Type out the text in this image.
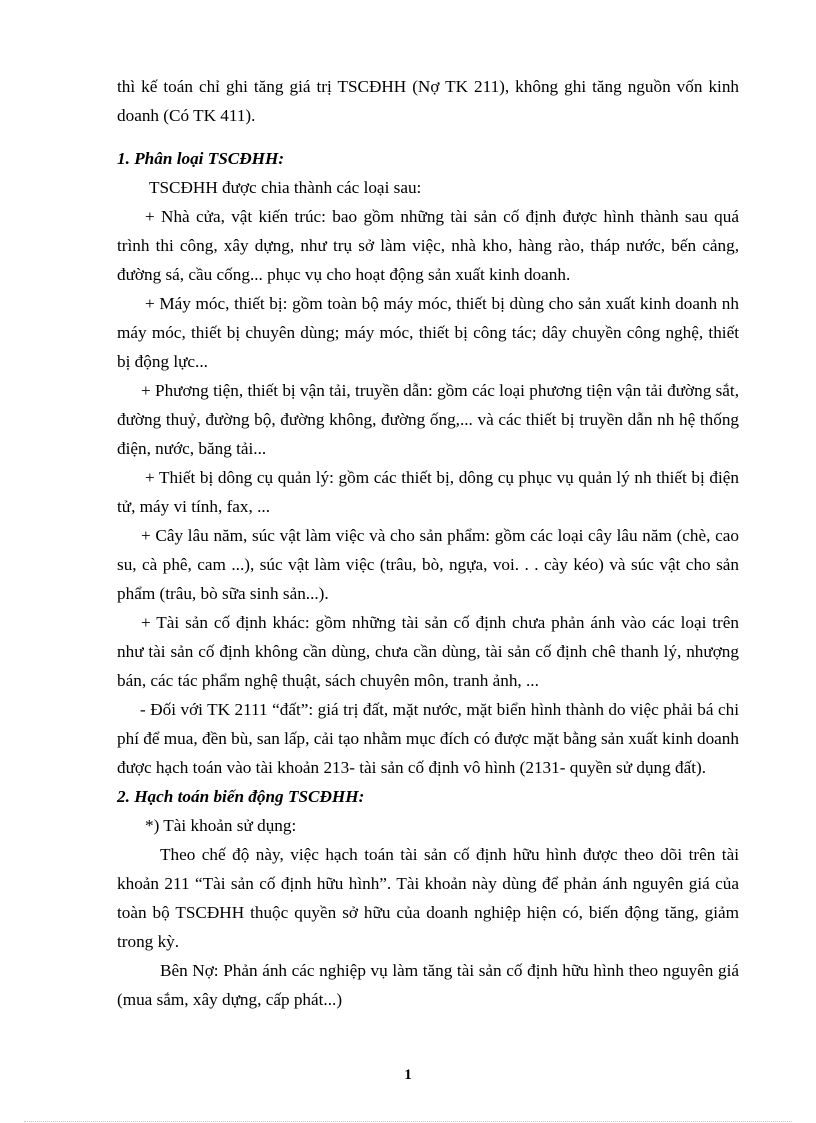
thì kế toán chỉ ghi tăng giá trị TSCĐHH (Nợ TK 211), không ghi tăng nguồn vốn kinh doanh (Có TK 411).

1. Phân loại TSCĐHH:

TSCĐHH được chia thành các loại sau:

+ Nhà cửa, vật kiến trúc: bao gồm những tài sản cố định được hình thành sau quá trình thi công, xây dựng, như trụ sở làm việc, nhà kho, hàng rào, tháp nước, bến cảng, đường sá, cầu cống... phục vụ cho hoạt động sản xuất kinh doanh.

+ Máy móc, thiết bị: gồm toàn bộ máy móc, thiết bị dùng cho sản xuất kinh doanh nh máy móc, thiết bị chuyên dùng; máy móc, thiết bị công tác; dây chuyền công nghệ, thiết bị động lực...

+ Phương tiện, thiết bị vận tải, truyền dẫn: gồm các loại phương tiện vận tải đường sắt, đường thuỷ, đường bộ, đường không, đường ống,... và các thiết bị truyền dẫn nh hệ thống điện, nước, băng tải...

+ Thiết bị dông cụ quản lý: gồm các thiết bị, dông cụ phục vụ quản lý nh thiết bị điện tử, máy vi tính, fax, ...

+ Cây lâu năm, súc vật làm việc và cho sản phẩm: gồm các loại cây lâu năm (chè, cao su, cà phê, cam ...), súc vật làm việc (trâu, bò, ngựa, voi. . . cày kéo) và súc vật cho sản phẩm (trâu, bò sữa sinh sản...).

+ Tài sản cố định khác: gồm những tài sản cố định chưa phản ánh vào các loại trên như tài sản cố định không cần dùng, chưa cần dùng, tài sản cố định chê thanh lý, nhượng bán, các tác phẩm nghệ thuật, sách chuyên môn, tranh ảnh, ...

- Đối với TK 2111 “đất”: giá trị đất, mặt nước, mặt biển hình thành do việc phải bá chi phí để mua, đền bù, san lấp, cải tạo nhằm mục đích có được mặt bằng sản xuất kinh doanh được hạch toán vào tài khoản 213- tài sản cố định vô hình (2131- quyền sử dụng đất).

2. Hạch toán biến động TSCĐHH:

*) Tài khoản sử dụng:

Theo chế độ này, việc hạch toán tài sản cố định hữu hình được theo dõi trên tài khoản 211 “Tài sản cố định hữu hình”. Tài khoản này dùng để phản ánh nguyên giá của toàn bộ TSCĐHH thuộc quyền sở hữu của doanh nghiệp hiện có, biến động tăng, giảm trong kỳ.

Bên Nợ: Phản ánh các nghiệp vụ làm tăng tài sản cố định hữu hình theo nguyên giá (mua sắm, xây dựng, cấp phát...)

1
